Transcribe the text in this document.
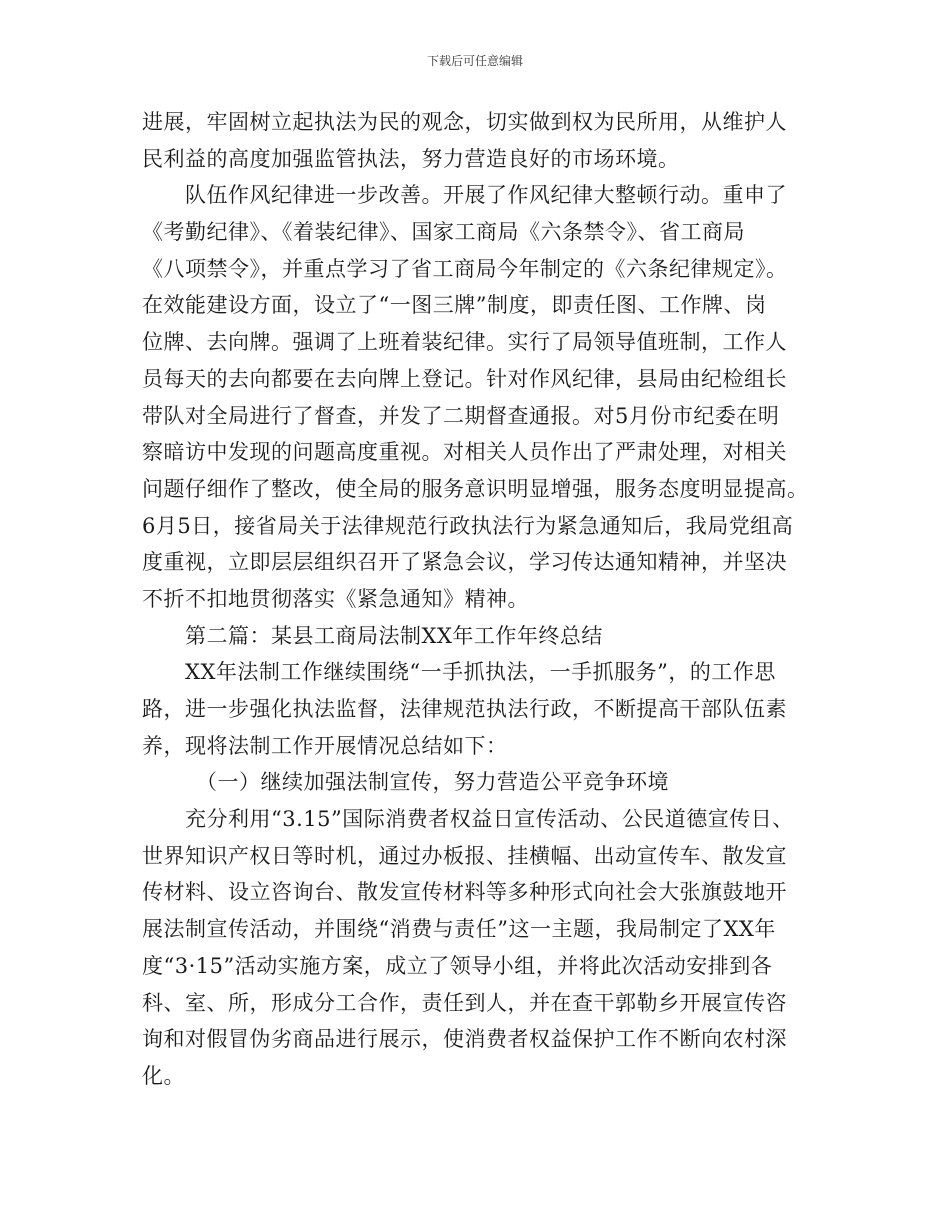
下载后可任意编辑
进展，牢固树立起执法为民的观念，切实做到权为民所用，从维护人
民利益的高度加强监管执法，努力营造良好的市场环境。
　　队伍作风纪律进一步改善。开展了作风纪律大整顿行动。重申了
《考勤纪律》、《着装纪律》、国家工商局《六条禁令》、省工商局
《八项禁令》，并重点学习了省工商局今年制定的《六条纪律规定》。
在效能建设方面，设立了“一图三牌”制度，即责任图、工作牌、岗
位牌、去向牌。强调了上班着装纪律。实行了局领导值班制，工作人
员每天的去向都要在去向牌上登记。针对作风纪律，县局由纪检组长
带队对全局进行了督查，并发了二期督查通报。对5月份市纪委在明
察暗访中发现的问题高度重视。对相关人员作出了严肃处理，对相关
问题仔细作了整改，使全局的服务意识明显增强，服务态度明显提高。
6月5日，接省局关于法律规范行政执法行为紧急通知后，我局党组高
度重视，立即层层组织召开了紧急会议，学习传达通知精神，并坚决
不折不扣地贯彻落实《紧急通知》精神。
　　第二篇：某县工商局法制XX年工作年终总结
　　XX年法制工作继续围绕“一手抓执法，一手抓服务”，的工作思
路，进一步强化执法监督，法律规范执法行政，不断提高干部队伍素
养，现将法制工作开展情况总结如下：
　　　（一）继续加强法制宣传，努力营造公平竞争环境
　　充分利用“3.15”国际消费者权益日宣传活动、公民道德宣传日、
世界知识产权日等时机，通过办板报、挂横幅、出动宣传车、散发宣
传材料、设立咨询台、散发宣传材料等多种形式向社会大张旗鼓地开
展法制宣传活动，并围绕“消费与责任”这一主题，我局制定了XX年
度“3·15”活动实施方案，成立了领导小组，并将此次活动安排到各
科、室、所，形成分工合作，责任到人，并在查干郭勒乡开展宣传咨
询和对假冒伪劣商品进行展示，使消费者权益保护工作不断向农村深
化。
